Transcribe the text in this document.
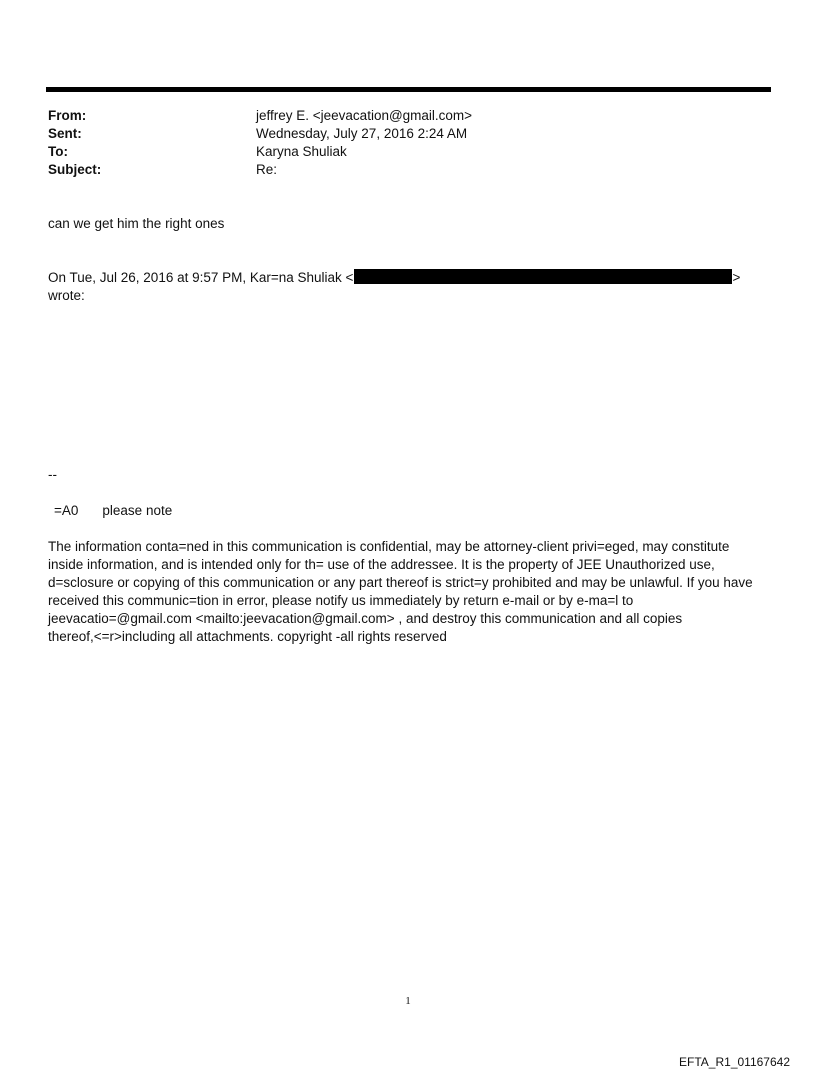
From:	jeffrey E. <jeevacation@gmail.com>
Sent:	Wednesday, July 27, 2016 2:24 AM
To:	Karyna Shuliak
Subject:	Re:
can we get him the right ones
On Tue, Jul 26, 2016 at 9:57 PM, Kar=na Shuliak <	>
wrote:
--
=A0 please note
The information conta=ned in this communication is confidential, may be attorney-client privi=eged, may constitute
inside information, and is intended only for th= use of the addressee. It is the property of JEE Unauthorized use,
d=sclosure or copying of this communication or any part thereof is strict=y prohibited and may be unlawful. If you have
received this communic=tion in error, please notify us immediately by return e-mail or by e-ma=l to
jeevacatio=@gmail.com <mailto:jeevacation@gmail.com> , and destroy this communication and all copies
thereof,<=r>including all attachments. copyright -all rights reserved
1
EFTA_R1_01167642
